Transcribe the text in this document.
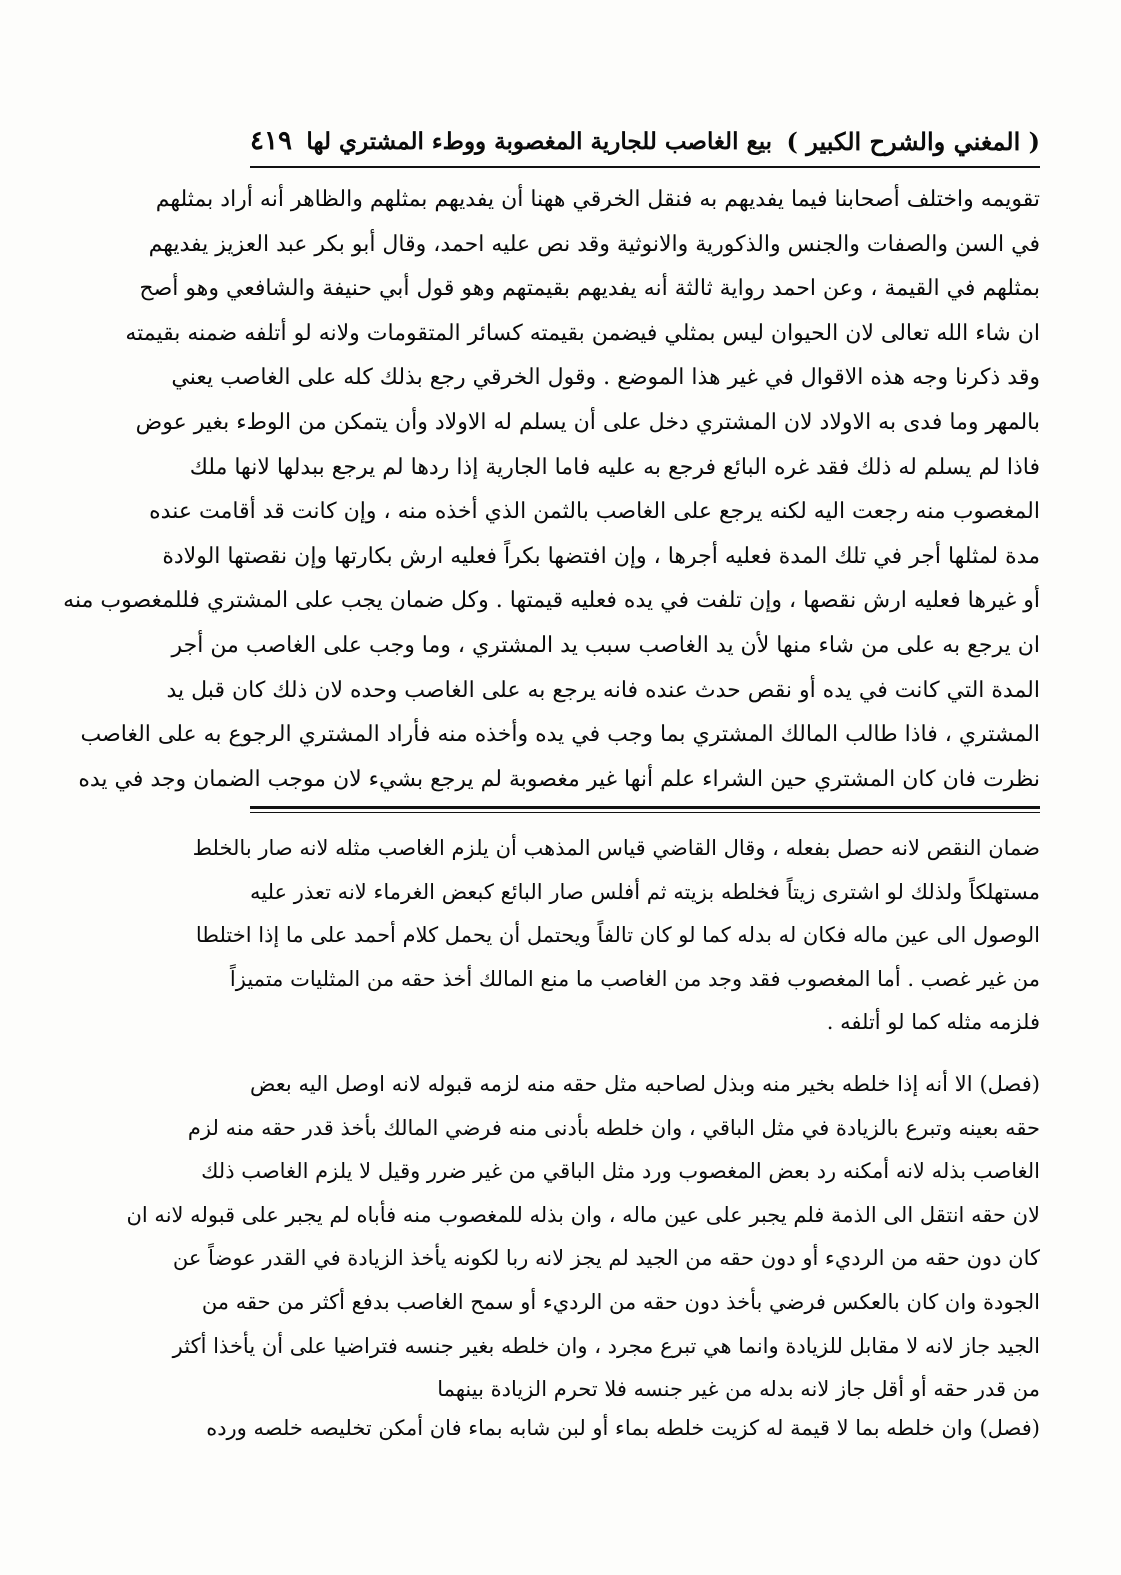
( المغني والشرح الكبير )
بيع الغاصب للجارية المغصوبة ووطء المشتري لها
٤١٩
تقويمه واختلف أصحابنا فيما يفديهم به فنقل الخرقي ههنا أن يفديهم بمثلهم والظاهر أنه أراد بمثلهم
في السن والصفات والجنس والذكورية والانوثية وقد نص عليه احمد، وقال أبو بكر عبد العزيز يفديهم
بمثلهم في القيمة ، وعن احمد رواية ثالثة أنه يفديهم بقيمتهم وهو قول أبي حنيفة والشافعي وهو أصح
ان شاء الله تعالى لان الحيوان ليس بمثلي فيضمن بقيمته كسائر المتقومات ولانه لو أتلفه ضمنه بقيمته
وقد ذكرنا وجه هذه الاقوال في غير هذا الموضع . وقول الخرقي رجع بذلك كله على الغاصب يعني
بالمهر وما فدى به الاولاد لان المشتري دخل على أن يسلم له الاولاد وأن يتمكن من الوطء بغير عوض
فاذا لم يسلم له ذلك فقد غره البائع فرجع به عليه فاما الجارية إذا ردها لم يرجع ببدلها لانها ملك
المغصوب منه رجعت اليه لكنه يرجع على الغاصب بالثمن الذي أخذه منه ، وإن كانت قد أقامت عنده
مدة لمثلها أجر في تلك المدة فعليه أجرها ، وإن افتضها بكراً فعليه ارش بكارتها وإن نقصتها الولادة
أو غيرها فعليه ارش نقصها ، وإن تلفت في يده فعليه قيمتها . وكل ضمان يجب على المشتري فللمغصوب منه
ان يرجع به على من شاء منها لأن يد الغاصب سبب يد المشتري ، وما وجب على الغاصب من أجر
المدة التي كانت في يده أو نقص حدث عنده فانه يرجع به على الغاصب وحده لان ذلك كان قبل يد
المشتري ، فاذا طالب المالك المشتري بما وجب في يده وأخذه منه فأراد المشتري الرجوع به على الغاصب
نظرت فان كان المشتري حين الشراء علم أنها غير مغصوبة لم يرجع بشيء لان موجب الضمان وجد في يده
ضمان النقص لانه حصل بفعله ، وقال القاضي قياس المذهب أن يلزم الغاصب مثله لانه صار بالخلط
مستهلكاً ولذلك لو اشترى زيتاً فخلطه بزيته ثم أفلس صار البائع كبعض الغرماء لانه تعذر عليه
الوصول الى عين ماله فكان له بدله كما لو كان تالفاً ويحتمل أن يحمل كلام أحمد على ما إذا اختلطا
من غير غصب . أما المغصوب فقد وجد من الغاصب ما منع المالك أخذ حقه من المثليات متميزاً
فلزمه مثله كما لو أتلفه .
(فصل) الا أنه إذا خلطه بخير منه وبذل لصاحبه مثل حقه منه لزمه قبوله لانه اوصل اليه بعض
حقه بعينه وتبرع بالزيادة في مثل الباقي ، وان خلطه بأدنى منه فرضي المالك بأخذ قدر حقه منه لزم
الغاصب بذله لانه أمكنه رد بعض المغصوب ورد مثل الباقي من غير ضرر وقيل لا يلزم الغاصب ذلك
لان حقه انتقل الى الذمة فلم يجبر على عين ماله ، وان بذله للمغصوب منه فأباه لم يجبر على قبوله لانه ان
كان دون حقه من الرديء أو دون حقه من الجيد لم يجز لانه ربا لكونه يأخذ الزيادة في القدر عوضاً عن
الجودة وان كان بالعكس فرضي بأخذ دون حقه من الرديء أو سمح الغاصب بدفع أكثر من حقه من
الجيد جاز لانه لا مقابل للزيادة وانما هي تبرع مجرد ، وان خلطه بغير جنسه فتراضيا على أن يأخذا أكثر
من قدر حقه أو أقل جاز لانه بدله من غير جنسه فلا تحرم الزيادة بينهما
(فصل) وان خلطه بما لا قيمة له كزيت خلطه بماء أو لبن شابه بماء فان أمكن تخليصه خلصه ورده
